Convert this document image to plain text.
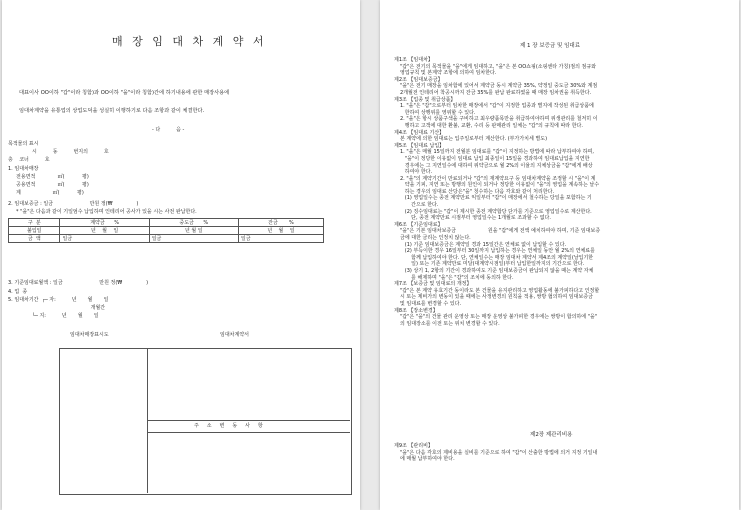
매 장 임 대 차 계 약 서

대표이사 OO이하 "갑"이라 칭함)과 OO이하 "을"이라 칭함)간에 하기내용에 관한 매장사용에

임대차계약을 유통업의 상업도덕을 성실히 이행하기로 다음 조항과 같이 체결한다.

- 다          음 -
목적물의 표시
시          동          번지의          호
층    코너          호
1. 임대차매장
전용면적              ㎡(           평)
공용면적              ㎡(           평)
계                    ㎡(           평)
2. 임대보증금 : 일금                       만원 정(₩               )
* "을"은 다음과 같이 기일엄수 납입하며 인테리어 공사가 있을 시는 사전 완납한다.
구  분	계약금      %	중도금      %	잔금       %
불입일	년    월    일	년 월 일	년    월    일
금  액	일금	일금	일금
3. 기준임대료월액 : 일금                       만원 정(₩               )
4. 업  종
5. 임대차기간  ┌─ 자:          년       월       일
개월간
└─ 지:          년       월       일
임대차매장표시도	임대차계약서
주     소     변     동     사     항
제 1 장 보증금 및 임대료
제1조 【임대차】
"갑"은 전기의 목적물을 "을"에게 임대하고, "을"은 본 OO쇼핑(소핑센타 가칭)점의 점규와
영업규칙 및 본계약 조항에 의하여 임차한다.
제2조 【임대보증금】
"을"은 전기 매장을 임차함에 있어서 계약금 동시 계약금 35%, 약정일 중도금 30%와 계점
2개월전 인테리어 착공시까지 잔금 35%를 완납 완료하였을 때 매장 임차권을 취득한다.
제3조 【업종 및 취급상품】
1. "을"은 "갑"으로부터 임차한 매장에서 "갑"이 지정한 업종과 별지에 작성된 취급상품에
한하여 상행위를 영위할 수 있다.
2. "을"은 항시 상품구색을 구비하고 최우량품목만을 취급하여야하며 위생관리를 철저히 이
행하고 고객에 대한 환불, 교환, 수리 등 판매관리 일체는 "갑"의 규칙에 따라 한다.
제4조 【임대료 기산】
본 계약에 의한 임대료는 입주일로부터 계산한다. (부가가치세 별도)
제5조 【임대료 납입】
1. "을"은 매월 15일까지 전월분 임대료를 "갑"이 지정하는 방법에 따라 납부하여야 하며,
"을"이 정당한 이유없이 임대료 납입 최종일이 15일을 경과하여 임대료납입을 지연한
경우에는 그 지연일수에 대하여 위약금으로 월 2%의 이율의 지체상금을 "갑"에게 배상
하여야 한다.
2. "을"의 계약기간이 만료되거나 "갑"의 재계약요구 등 임대차계약을 조정할 시 "을"이 계
약을 기피, 지연 또는 방행의 원인이 되거나 정당한 이유없이 "을"의 영업을 계속하는 날수
하는 경우의 임대료 산당은"을" 청수하는 다음 각호와 같이 처리한다.
(1) 영업일수는 종전 계약만료 익일부터 "갑"이 매장에서 철수하는 당일을 포함하는 기
간으로 한다.
(2) 징수임대료는 "갑"이 제시한 종전 계약합당 단가를 기준으로 영업일수로 계산한다.
단, 종전 계약만료 시점부터 영업일수는 1개월로 조과할 수 없다.
제6조 【기준임대료】
"을"은 기본 임대차보증금                    원을 "갑"에게 전액 예치하여야 하며, 기준 임대보증
금에 대한 금리는 인정치 않는다.
(1) 기준 임대보증금은 계약일 경과 15일간은 연체료 없이 납입할 수 있다.
(2) 부득이한 경우 16일부터 30일까지 납입하는 경우는 연체일 동안 월 2%의 연체료를
함께 납입하여야 한다. 단, 연체일수는 매장 임대차 계약서 제4조의 계약일(날입기한
일) 또는 기존 계약만료 미달(대계약시점일)부터 납입한일까지의 기간으로 한다.
(3) 상기 1, 2항의 기간이 경과하여도 기준 임대보증금이 완납되지 않을 때는 계약 자체
를 해제하며 "을"은 "갑"의 조치에 동의하 한다.
제7조 【보증금 및 임대료의 개정】
"갑"은 본 계약 유효기간 동이라도 본 건물을 유지관리하고 영업활동에 불가피하다고 인정할
시 또는 제비가의 변동이 있을 때에는 사정변경의 원칙을 적용, 쌍방 협의하여 임대보증금
및 임대료를 변경할 수 있다.
제8조 【장소변경】
"갑"은 "을"의 건물 관리 운영상 또는 매장 운영상 불가피한 경우에는 쌍방이 합의하에 "을"
의 임대장소를 이전 또는 위치 변경할 수 있다.
제2장 제관리비용
제9조 【관리비】
"을"은 다음 각호의 제비용을 실비를 기준으로 하여 "갑"이 산출한 방법에 의거 지정 기일내
에 매월 납부하여야 한다.
